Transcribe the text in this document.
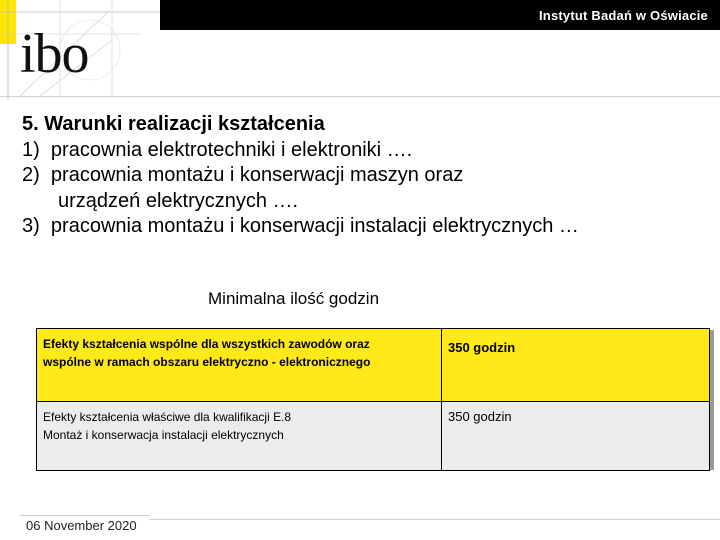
ibo
Instytut Badań w Oświacie
5. Warunki realizacji kształcenia
1) pracownia elektrotechniki i elektroniki ….
2) pracownia montażu i konserwacji maszyn oraz
urządzeń elektrycznych ….
3) pracownia montażu i konserwacji instalacji elektrycznych …
Minimalna ilość godzin
Efekty kształcenia wspólne dla wszystkich zawodów oraz
wspólne w ramach obszaru elektryczno - elektronicznego	350 godzin

Efekty kształcenia właściwe dla kwalifikacji E.8
Montaż i konserwacja instalacji elektrycznych	350 godzin
06 November 2020
